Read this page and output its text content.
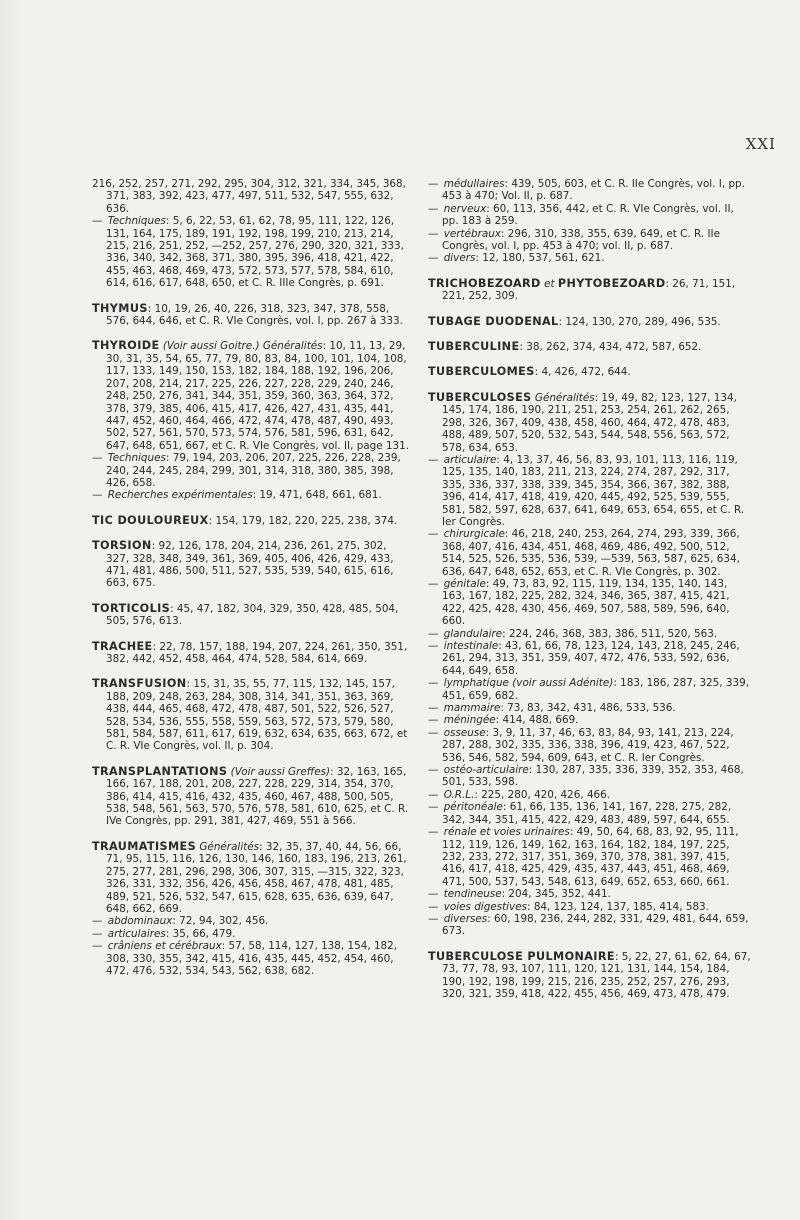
XXI

216, 252, 257, 271, 292, 295, 304, 312, 321, 334, 345, 368, 371, 383, 392, 423, 477, 497, 511, 532, 547, 555, 632, 636.

— Techniques: 5, 6, 22, 53, 61, 62, 78, 95, 111, 122, 126, 131, 164, 175, 189, 191, 192, 198, 199, 210, 213, 214, 215, 216, 251, 252, —252, 257, 276, 290, 320, 321, 333, 336, 340, 342, 368, 371, 380, 395, 396, 418, 421, 422, 455, 463, 468, 469, 473, 572, 573, 577, 578, 584, 610, 614, 616, 617, 648, 650, et C. R. IIIe Congrès, p. 691.

THYMUS: 10, 19, 26, 40, 226, 318, 323, 347, 378, 558, 576, 644, 646, et C. R. VIe Congrès, vol. I, pp. 267 à 333.

THYROIDE (Voir aussi Goitre.) Généralités: 10, 11, 13, 29, 30, 31, 35, 54, 65, 77, 79, 80, 83, 84, 100, 101, 104, 108, 117, 133, 149, 150, 153, 182, 184, 188, 192, 196, 206, 207, 208, 214, 217, 225, 226, 227, 228, 229, 240, 246, 248, 250, 276, 341, 344, 351, 359, 360, 363, 364, 372, 378, 379, 385, 406, 415, 417, 426, 427, 431, 435, 441, 447, 452, 460, 464, 466, 472, 474, 478, 487, 490, 493, 502, 527, 561, 570, 573, 574, 576, 581, 596, 631, 642, 647, 648, 651, 667, et C. R. VIe Congrès, vol. II, page 131.

— Techniques: 79, 194, 203, 206, 207, 225, 226, 228, 239, 240, 244, 245, 284, 299, 301, 314, 318, 380, 385, 398, 426, 658.

— Recherches expérimentales: 19, 471, 648, 661, 681.

TIC DOULOUREUX: 154, 179, 182, 220, 225, 238, 374.

TORSION: 92, 126, 178, 204, 214, 236, 261, 275, 302, 327, 328, 348, 349, 361, 369, 405, 406, 426, 429, 433, 471, 481, 486, 500, 511, 527, 535, 539, 540, 615, 616, 663, 675.

TORTICOLIS: 45, 47, 182, 304, 329, 350, 428, 485, 504, 505, 576, 613.

TRACHEE: 22, 78, 157, 188, 194, 207, 224, 261, 350, 351, 382, 442, 452, 458, 464, 474, 528, 584, 614, 669.

TRANSFUSION: 15, 31, 35, 55, 77, 115, 132, 145, 157, 188, 209, 248, 263, 284, 308, 314, 341, 351, 363, 369, 438, 444, 465, 468, 472, 478, 487, 501, 522, 526, 527, 528, 534, 536, 555, 558, 559, 563, 572, 573, 579, 580, 581, 584, 587, 611, 617, 619, 632, 634, 635, 663, 672, et C. R. VIe Congrès, vol. II, p. 304.

TRANSPLANTATIONS (Voir aussi Greffes): 32, 163, 165, 166, 167, 188, 201, 208, 227, 228, 229, 314, 354, 370, 386, 414, 415, 416, 432, 435, 460, 467, 488, 500, 505, 538, 548, 561, 563, 570, 576, 578, 581, 610, 625, et C. R. IVe Congrès, pp. 291, 381, 427, 469, 551 à 566.

TRAUMATISMES Généralités: 32, 35, 37, 40, 44, 56, 66, 71, 95, 115, 116, 126, 130, 146, 160, 183, 196, 213, 261, 275, 277, 281, 296, 298, 306, 307, 315, —315, 322, 323, 326, 331, 332, 356, 426, 456, 458, 467, 478, 481, 485, 489, 521, 526, 532, 547, 615, 628, 635, 636, 639, 647, 648, 662, 669.

— abdominaux: 72, 94, 302, 456.

— articulaires: 35, 66, 479.

— crâniens et cérébraux: 57, 58, 114, 127, 138, 154, 182, 308, 330, 355, 342, 415, 416, 435, 445, 452, 454, 460, 472, 476, 532, 534, 543, 562, 638, 682.

— médullaires: 439, 505, 603, et C. R. IIe Congrès, vol. I, pp. 453 à 470; Vol. II, p. 687.

— nerveux: 60, 113, 356, 442, et C. R. VIe Congrès, vol. II, pp. 183 à 259.

— vertébraux: 296, 310, 338, 355, 639, 649, et C. R. IIe Congrès, vol. I, pp. 453 à 470; vol. II, p. 687.

— divers: 12, 180, 537, 561, 621.

TRICHOBEZOARD et PHYTOBEZOARD: 26, 71, 151, 221, 252, 309.

TUBAGE DUODENAL: 124, 130, 270, 289, 496, 535.

TUBERCULINE: 38, 262, 374, 434, 472, 587, 652.

TUBERCULOMES: 4, 426, 472, 644.

TUBERCULOSES Généralités: 19, 49, 82, 123, 127, 134, 145, 174, 186, 190, 211, 251, 253, 254, 261, 262, 265, 298, 326, 367, 409, 438, 458, 460, 464, 472, 478, 483, 488, 489, 507, 520, 532, 543, 544, 548, 556, 563, 572, 578, 634, 653.

— articulaire: 4, 13, 37, 46, 56, 83, 93, 101, 113, 116, 119, 125, 135, 140, 183, 211, 213, 224, 274, 287, 292, 317, 335, 336, 337, 338, 339, 345, 354, 366, 367, 382, 388, 396, 414, 417, 418, 419, 420, 445, 492, 525, 539, 555, 581, 582, 597, 628, 637, 641, 649, 653, 654, 655, et C. R. Ier Congrès.

— chirurgicale: 46, 218, 240, 253, 264, 274, 293, 339, 366, 368, 407, 416, 434, 451, 468, 469, 486, 492, 500, 512, 514, 525, 526, 535, 536, 539, —539, 563, 587, 625, 634, 636, 647, 648, 652, 653, et C. R. VIe Congrès, p. 302.

— génitale: 49, 73, 83, 92, 115, 119, 134, 135, 140, 143, 163, 167, 182, 225, 282, 324, 346, 365, 387, 415, 421, 422, 425, 428, 430, 456, 469, 507, 588, 589, 596, 640, 660.

— glandulaire: 224, 246, 368, 383, 386, 511, 520, 563.

— intestinale: 43, 61, 66, 78, 123, 124, 143, 218, 245, 246, 261, 294, 313, 351, 359, 407, 472, 476, 533, 592, 636, 644, 649, 658.

— lymphatique (voir aussi Adénite): 183, 186, 287, 325, 339, 451, 659, 682.

— mammaire: 73, 83, 342, 431, 486, 533, 536.

— méningée: 414, 488, 669.

— osseuse: 3, 9, 11, 37, 46, 63, 83, 84, 93, 141, 213, 224, 287, 288, 302, 335, 336, 338, 396, 419, 423, 467, 522, 536, 546, 582, 594, 609, 643, et C. R. Ier Congrès.

— ostéo-articulaire: 130, 287, 335, 336, 339, 352, 353, 468, 501, 533, 598.

— O.R.L.: 225, 280, 420, 426, 466.

— péritonéale: 61, 66, 135, 136, 141, 167, 228, 275, 282, 342, 344, 351, 415, 422, 429, 483, 489, 597, 644, 655.

— rénale et voies urinaires: 49, 50, 64, 68, 83, 92, 95, 111, 112, 119, 126, 149, 162, 163, 164, 182, 184, 197, 225, 232, 233, 272, 317, 351, 369, 370, 378, 381, 397, 415, 416, 417, 418, 425, 429, 435, 437, 443, 451, 468, 469, 471, 500, 537, 543, 548, 613, 649, 652, 653, 660, 661.

— tendineuse: 204, 345, 352, 441.

— voies digestives: 84, 123, 124, 137, 185, 414, 583.

— diverses: 60, 198, 236, 244, 282, 331, 429, 481, 644, 659, 673.

TUBERCULOSE PULMONAIRE: 5, 22, 27, 61, 62, 64, 67, 73, 77, 78, 93, 107, 111, 120, 121, 131, 144, 154, 184, 190, 192, 198, 199, 215, 216, 235, 252, 257, 276, 293, 320, 321, 359, 418, 422, 455, 456, 469, 473, 478, 479.
